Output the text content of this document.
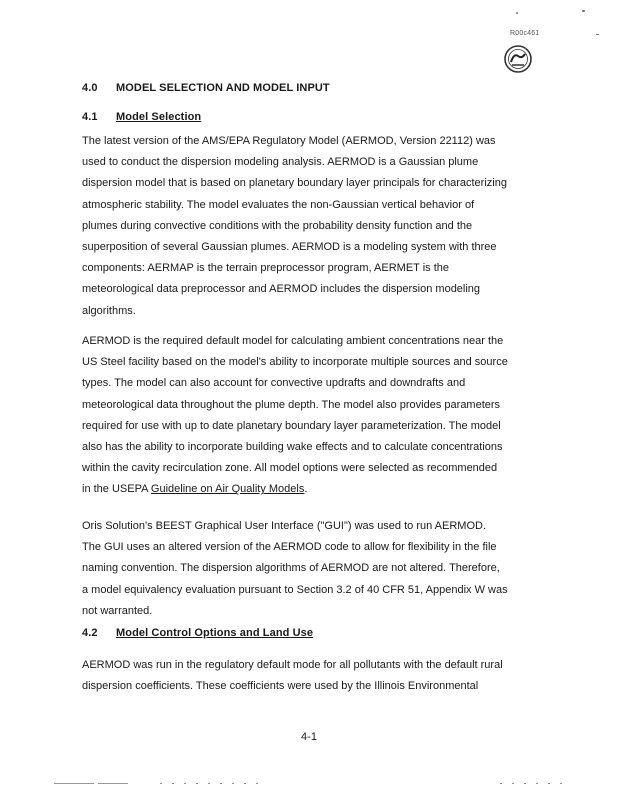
R00c461
4.0 MODEL SELECTION AND MODEL INPUT
4.1 Model Selection
The latest version of the AMS/EPA Regulatory Model (AERMOD, Version 22112) was
used to conduct the dispersion modeling analysis. AERMOD is a Gaussian plume
dispersion model that is based on planetary boundary layer principals for characterizing
atmospheric stability. The model evaluates the non-Gaussian vertical behavior of
plumes during convective conditions with the probability density function and the
superposition of several Gaussian plumes. AERMOD is a modeling system with three
components: AERMAP is the terrain preprocessor program, AERMET is the
meteorological data preprocessor and AERMOD includes the dispersion modeling
algorithms.
AERMOD is the required default model for calculating ambient concentrations near the
US Steel facility based on the model's ability to incorporate multiple sources and source
types. The model can also account for convective updrafts and downdrafts and
meteorological data throughout the plume depth. The model also provides parameters
required for use with up to date planetary boundary layer parameterization. The model
also has the ability to incorporate building wake effects and to calculate concentrations
within the cavity recirculation zone. All model options were selected as recommended
in the USEPA Guideline on Air Quality Models.
Oris Solution's BEEST Graphical User Interface ("GUI") was used to run AERMOD.
The GUI uses an altered version of the AERMOD code to allow for flexibility in the file
naming convention. The dispersion algorithms of AERMOD are not altered. Therefore,
a model equivalency evaluation pursuant to Section 3.2 of 40 CFR 51, Appendix W was
not warranted.
4.2 Model Control Options and Land Use
AERMOD was run in the regulatory default mode for all pollutants with the default rural
dispersion coefficients. These coefficients were used by the Illinois Environmental
4-1
